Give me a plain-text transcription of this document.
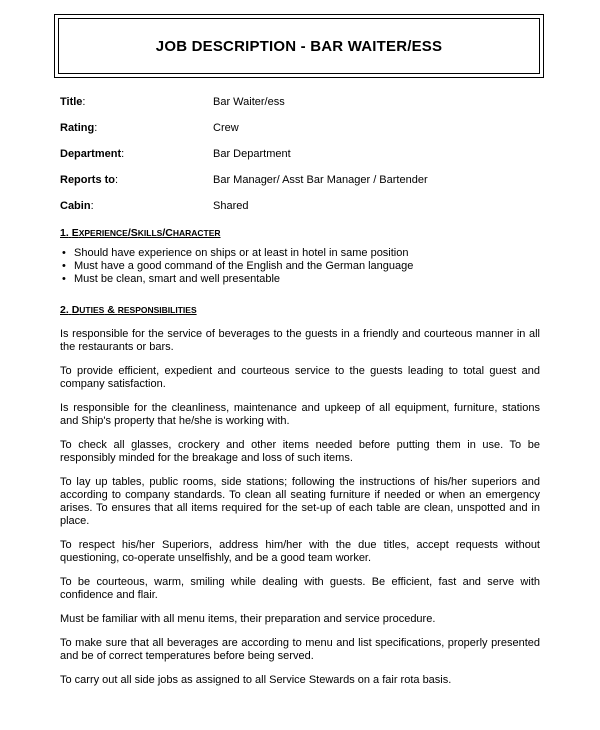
JOB DESCRIPTION - BAR WAITER/ESS
Title:	Bar Waiter/ess
Rating:	Crew
Department:	Bar Department
Reports to:	Bar Manager/ Asst Bar Manager / Bartender
Cabin:	Shared

1. EXPERIENCE/SKILLS/CHARACTER

• Should have experience on ships or at least in hotel in same position
• Must have a good command of the English and the German language
• Must be clean, smart and well presentable

2. DUTIES & RESPONSIBILITIES

Is responsible for the service of beverages to the guests in a friendly and courteous manner in all the restaurants or bars.

To provide efficient, expedient and courteous service to the guests leading to total guest and company satisfaction.

Is responsible for the cleanliness, maintenance and upkeep of all equipment, furniture, stations and Ship's property that he/she is working with.

To check all glasses, crockery and other items needed before putting them in use. To be responsibly minded for the breakage and loss of such items.

To lay up tables, public rooms, side stations; following the instructions of his/her superiors and according to company standards. To clean all seating furniture if needed or when an emergency arises. To ensures that all items required for the set-up of each table are clean, unspotted and in place.

To respect his/her Superiors, address him/her with the due titles, accept requests without questioning, co-operate unselfishly, and be a good team worker.

To be courteous, warm, smiling while dealing with guests. Be efficient, fast and serve with confidence and flair.

Must be familiar with all menu items, their preparation and service procedure.

To make sure that all beverages are according to menu and list specifications, properly presented and be of correct temperatures before being served.

To carry out all side jobs as assigned to all Service Stewards on a fair rota basis.
